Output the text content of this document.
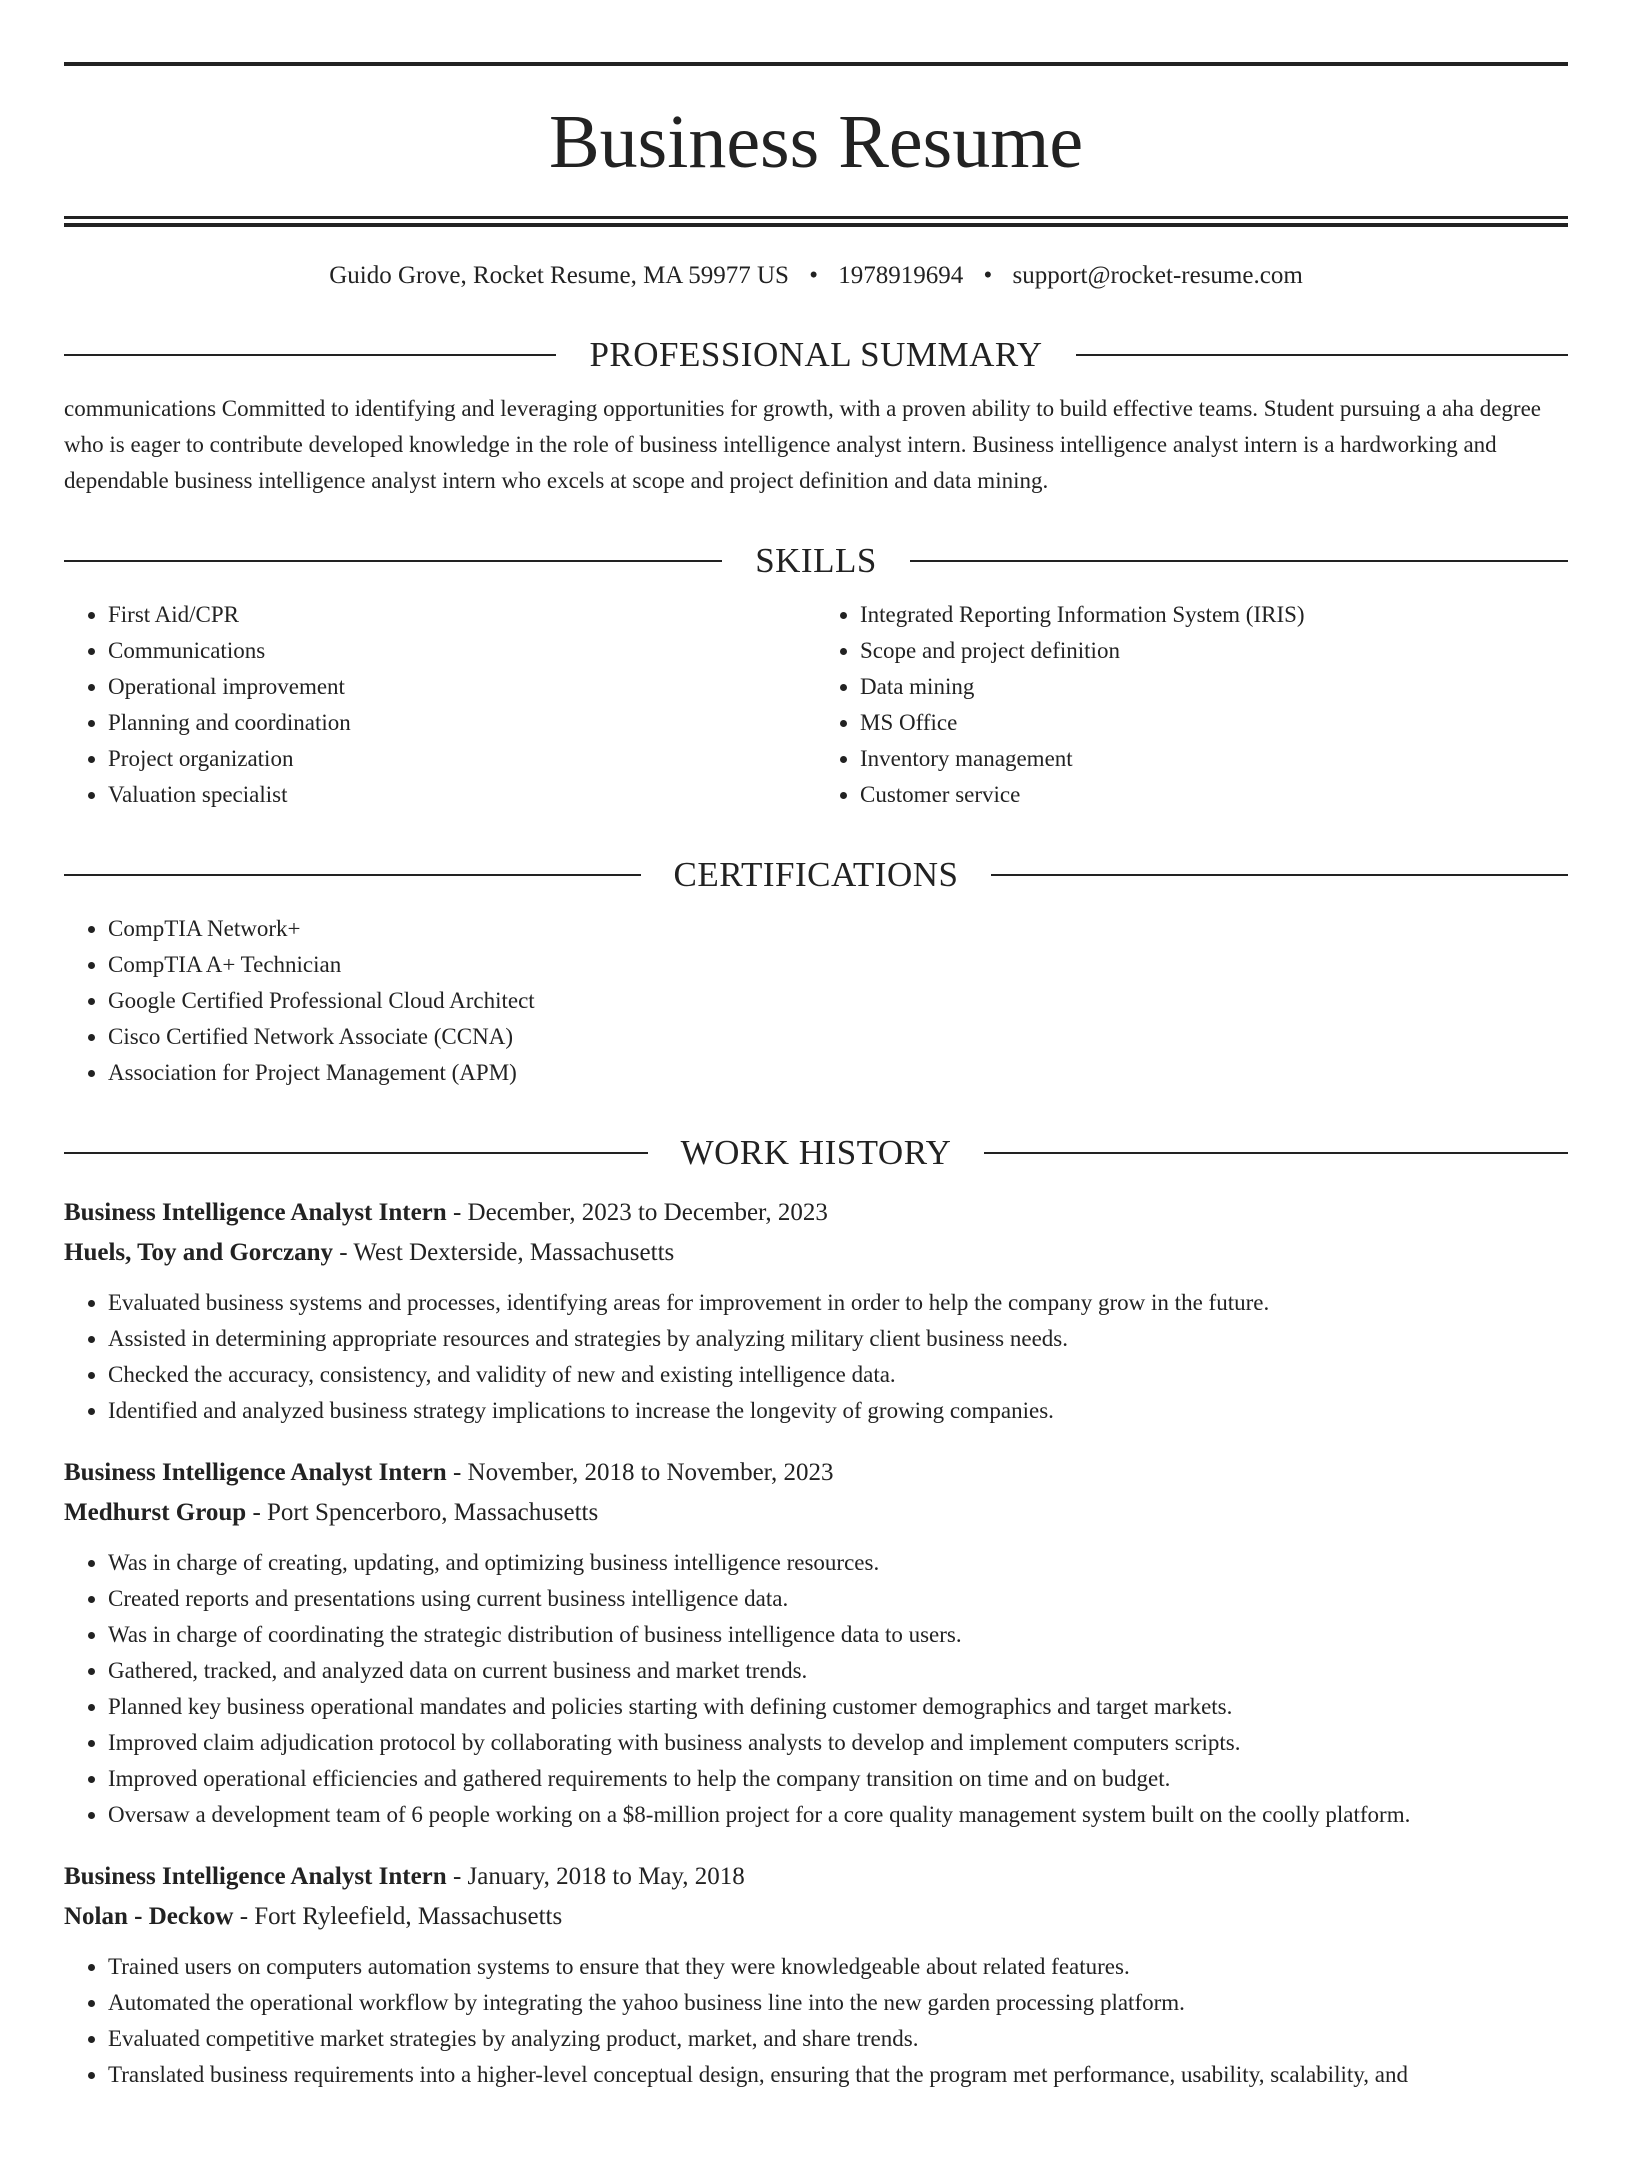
Business Resume
Guido Grove, Rocket Resume, MA 59977 US • 1978919694 • support@rocket-resume.com
PROFESSIONAL SUMMARY

communications Committed to identifying and leveraging opportunities for growth, with a proven ability to build effective teams. Student pursuing a aha degree who is eager to contribute developed knowledge in the role of business intelligence analyst intern. Business intelligence analyst intern is a hardworking and dependable business intelligence analyst intern who excels at scope and project definition and data mining.

SKILLS
• First Aid/CPR
• Communications
• Operational improvement
• Planning and coordination
• Project organization
• Valuation specialist
• Integrated Reporting Information System (IRIS)
• Scope and project definition
• Data mining
• MS Office
• Inventory management
• Customer service
CERTIFICATIONS
• CompTIA Network+
• CompTIA A+ Technician
• Google Certified Professional Cloud Architect
• Cisco Certified Network Associate (CCNA)
• Association for Project Management (APM)
WORK HISTORY
Business Intelligence Analyst Intern - December, 2023 to December, 2023
Huels, Toy and Gorczany - West Dexterside, Massachusetts
• Evaluated business systems and processes, identifying areas for improvement in order to help the company grow in the future.
• Assisted in determining appropriate resources and strategies by analyzing military client business needs.
• Checked the accuracy, consistency, and validity of new and existing intelligence data.
• Identified and analyzed business strategy implications to increase the longevity of growing companies.
Business Intelligence Analyst Intern - November, 2018 to November, 2023
Medhurst Group - Port Spencerboro, Massachusetts
• Was in charge of creating, updating, and optimizing business intelligence resources.
• Created reports and presentations using current business intelligence data.
• Was in charge of coordinating the strategic distribution of business intelligence data to users.
• Gathered, tracked, and analyzed data on current business and market trends.
• Planned key business operational mandates and policies starting with defining customer demographics and target markets.
• Improved claim adjudication protocol by collaborating with business analysts to develop and implement computers scripts.
• Improved operational efficiencies and gathered requirements to help the company transition on time and on budget.
• Oversaw a development team of 6 people working on a $8-million project for a core quality management system built on the coolly platform.
Business Intelligence Analyst Intern - January, 2018 to May, 2018
Nolan - Deckow - Fort Ryleefield, Massachusetts
• Trained users on computers automation systems to ensure that they were knowledgeable about related features.
• Automated the operational workflow by integrating the yahoo business line into the new garden processing platform.
• Evaluated competitive market strategies by analyzing product, market, and share trends.
• Translated business requirements into a higher-level conceptual design, ensuring that the program met performance, usability, scalability, and
